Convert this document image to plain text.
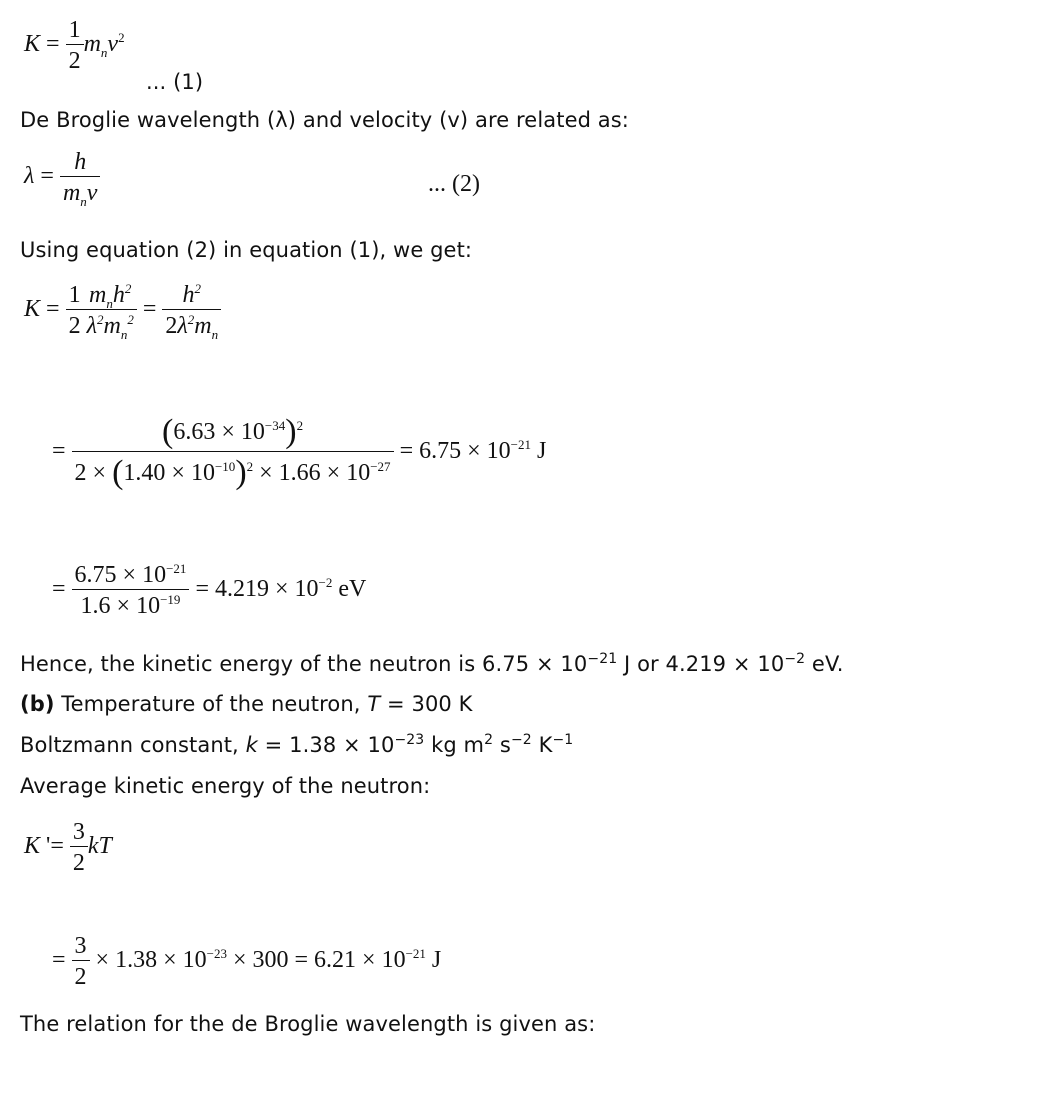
$K = \frac{1}{2} m_nv^2$
... (1)
De Broglie wavelength (λ) and velocity (v) are related as:
$\lambda = \frac{h}{m_nv}$	... (2)
Using equation (2) in equation (1), we get:
$K = \frac{1}{2} \frac{m_nh^2}{\lambda^2m_n^2} = \frac{h^2}{2\lambda^2m_n}$
= $\frac{(6.63 \times 10^{-34})^2}{2 \times (1.40 \times 10^{-10})^2 \times 1.66 \times 10^{-27}} = 6.75 \times 10^{-21}$ J
= $\frac{6.75 \times 10^{-21}}{1.6 \times 10^{-19}} = 4.219 \times 10^{-2}$ eV
Hence, the kinetic energy of the neutron is $6.75 \times 10^{-21}$ J or $4.219 \times 10^{-2}$ eV.
(b) Temperature of the neutron, T = 300 K
Boltzmann constant, $k = 1.38 \times 10^{-23}$ kg $m^2$ $s^{-2}$ $K^{-1}$
Average kinetic energy of the neutron:
K '= $\frac{3}{2}$ kT
= $\frac{3}{2} \times 1.38 \times 10^{-23} \times 300 = 6.21 \times 10^{-21}$ J
The relation for the de Broglie wavelength is given as:
